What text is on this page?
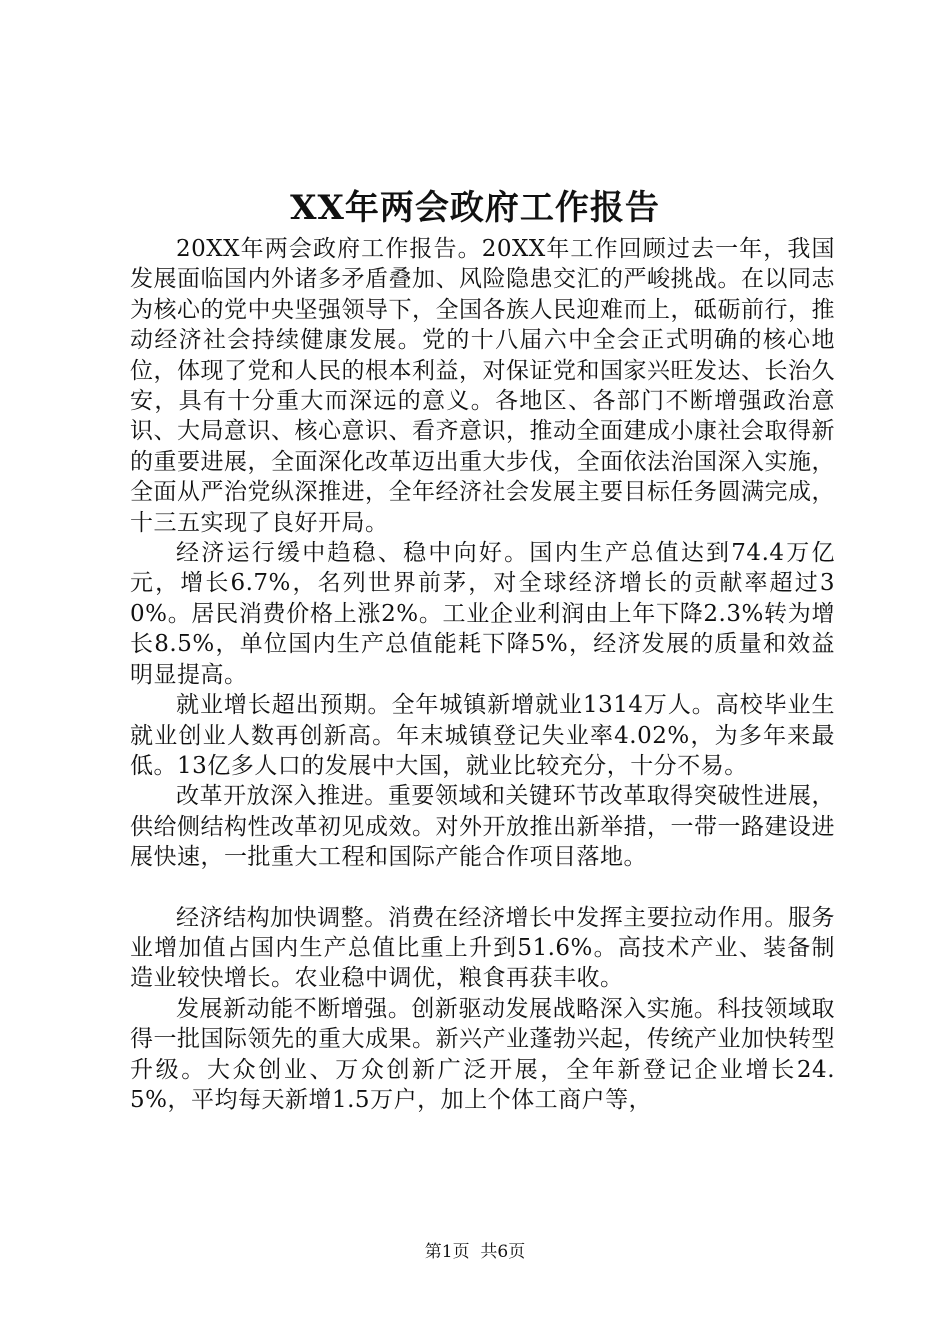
XX年两会政府工作报告

20XX年两会政府工作报告。20XX年工作回顾过去一年，我国发展面临国内外诸多矛盾叠加、风险隐患交汇的严峻挑战。在以同志为核心的党中央坚强领导下，全国各族人民迎难而上，砥砺前行，推动经济社会持续健康发展。党的十八届六中全会正式明确的核心地位，体现了党和人民的根本利益，对保证党和国家兴旺发达、长治久安，具有十分重大而深远的意义。各地区、各部门不断增强政治意识、大局意识、核心意识、看齐意识，推动全面建成小康社会取得新的重要进展，全面深化改革迈出重大步伐，全面依法治国深入实施，全面从严治党纵深推进，全年经济社会发展主要目标任务圆满完成，十三五实现了良好开局。

经济运行缓中趋稳、稳中向好。国内生产总值达到74.4万亿元，增长6.7%，名列世界前茅，对全球经济增长的贡献率超过30%。居民消费价格上涨2%。工业企业利润由上年下降2.3%转为增长8.5%，单位国内生产总值能耗下降5%，经济发展的质量和效益明显提高。

就业增长超出预期。全年城镇新增就业1314万人。高校毕业生就业创业人数再创新高。年末城镇登记失业率4.02%，为多年来最低。13亿多人口的发展中大国，就业比较充分，十分不易。

改革开放深入推进。重要领域和关键环节改革取得突破性进展，供给侧结构性改革初见成效。对外开放推出新举措，一带一路建设进展快速，一批重大工程和国际产能合作项目落地。

经济结构加快调整。消费在经济增长中发挥主要拉动作用。服务业增加值占国内生产总值比重上升到51.6%。高技术产业、装备制造业较快增长。农业稳中调优，粮食再获丰收。

发展新动能不断增强。创新驱动发展战略深入实施。科技领域取得一批国际领先的重大成果。新兴产业蓬勃兴起，传统产业加快转型升级。大众创业、万众创新广泛开展，全年新登记企业增长24.5%，平均每天新增1.5万户，加上个体工商户等，

第1页 共6页
